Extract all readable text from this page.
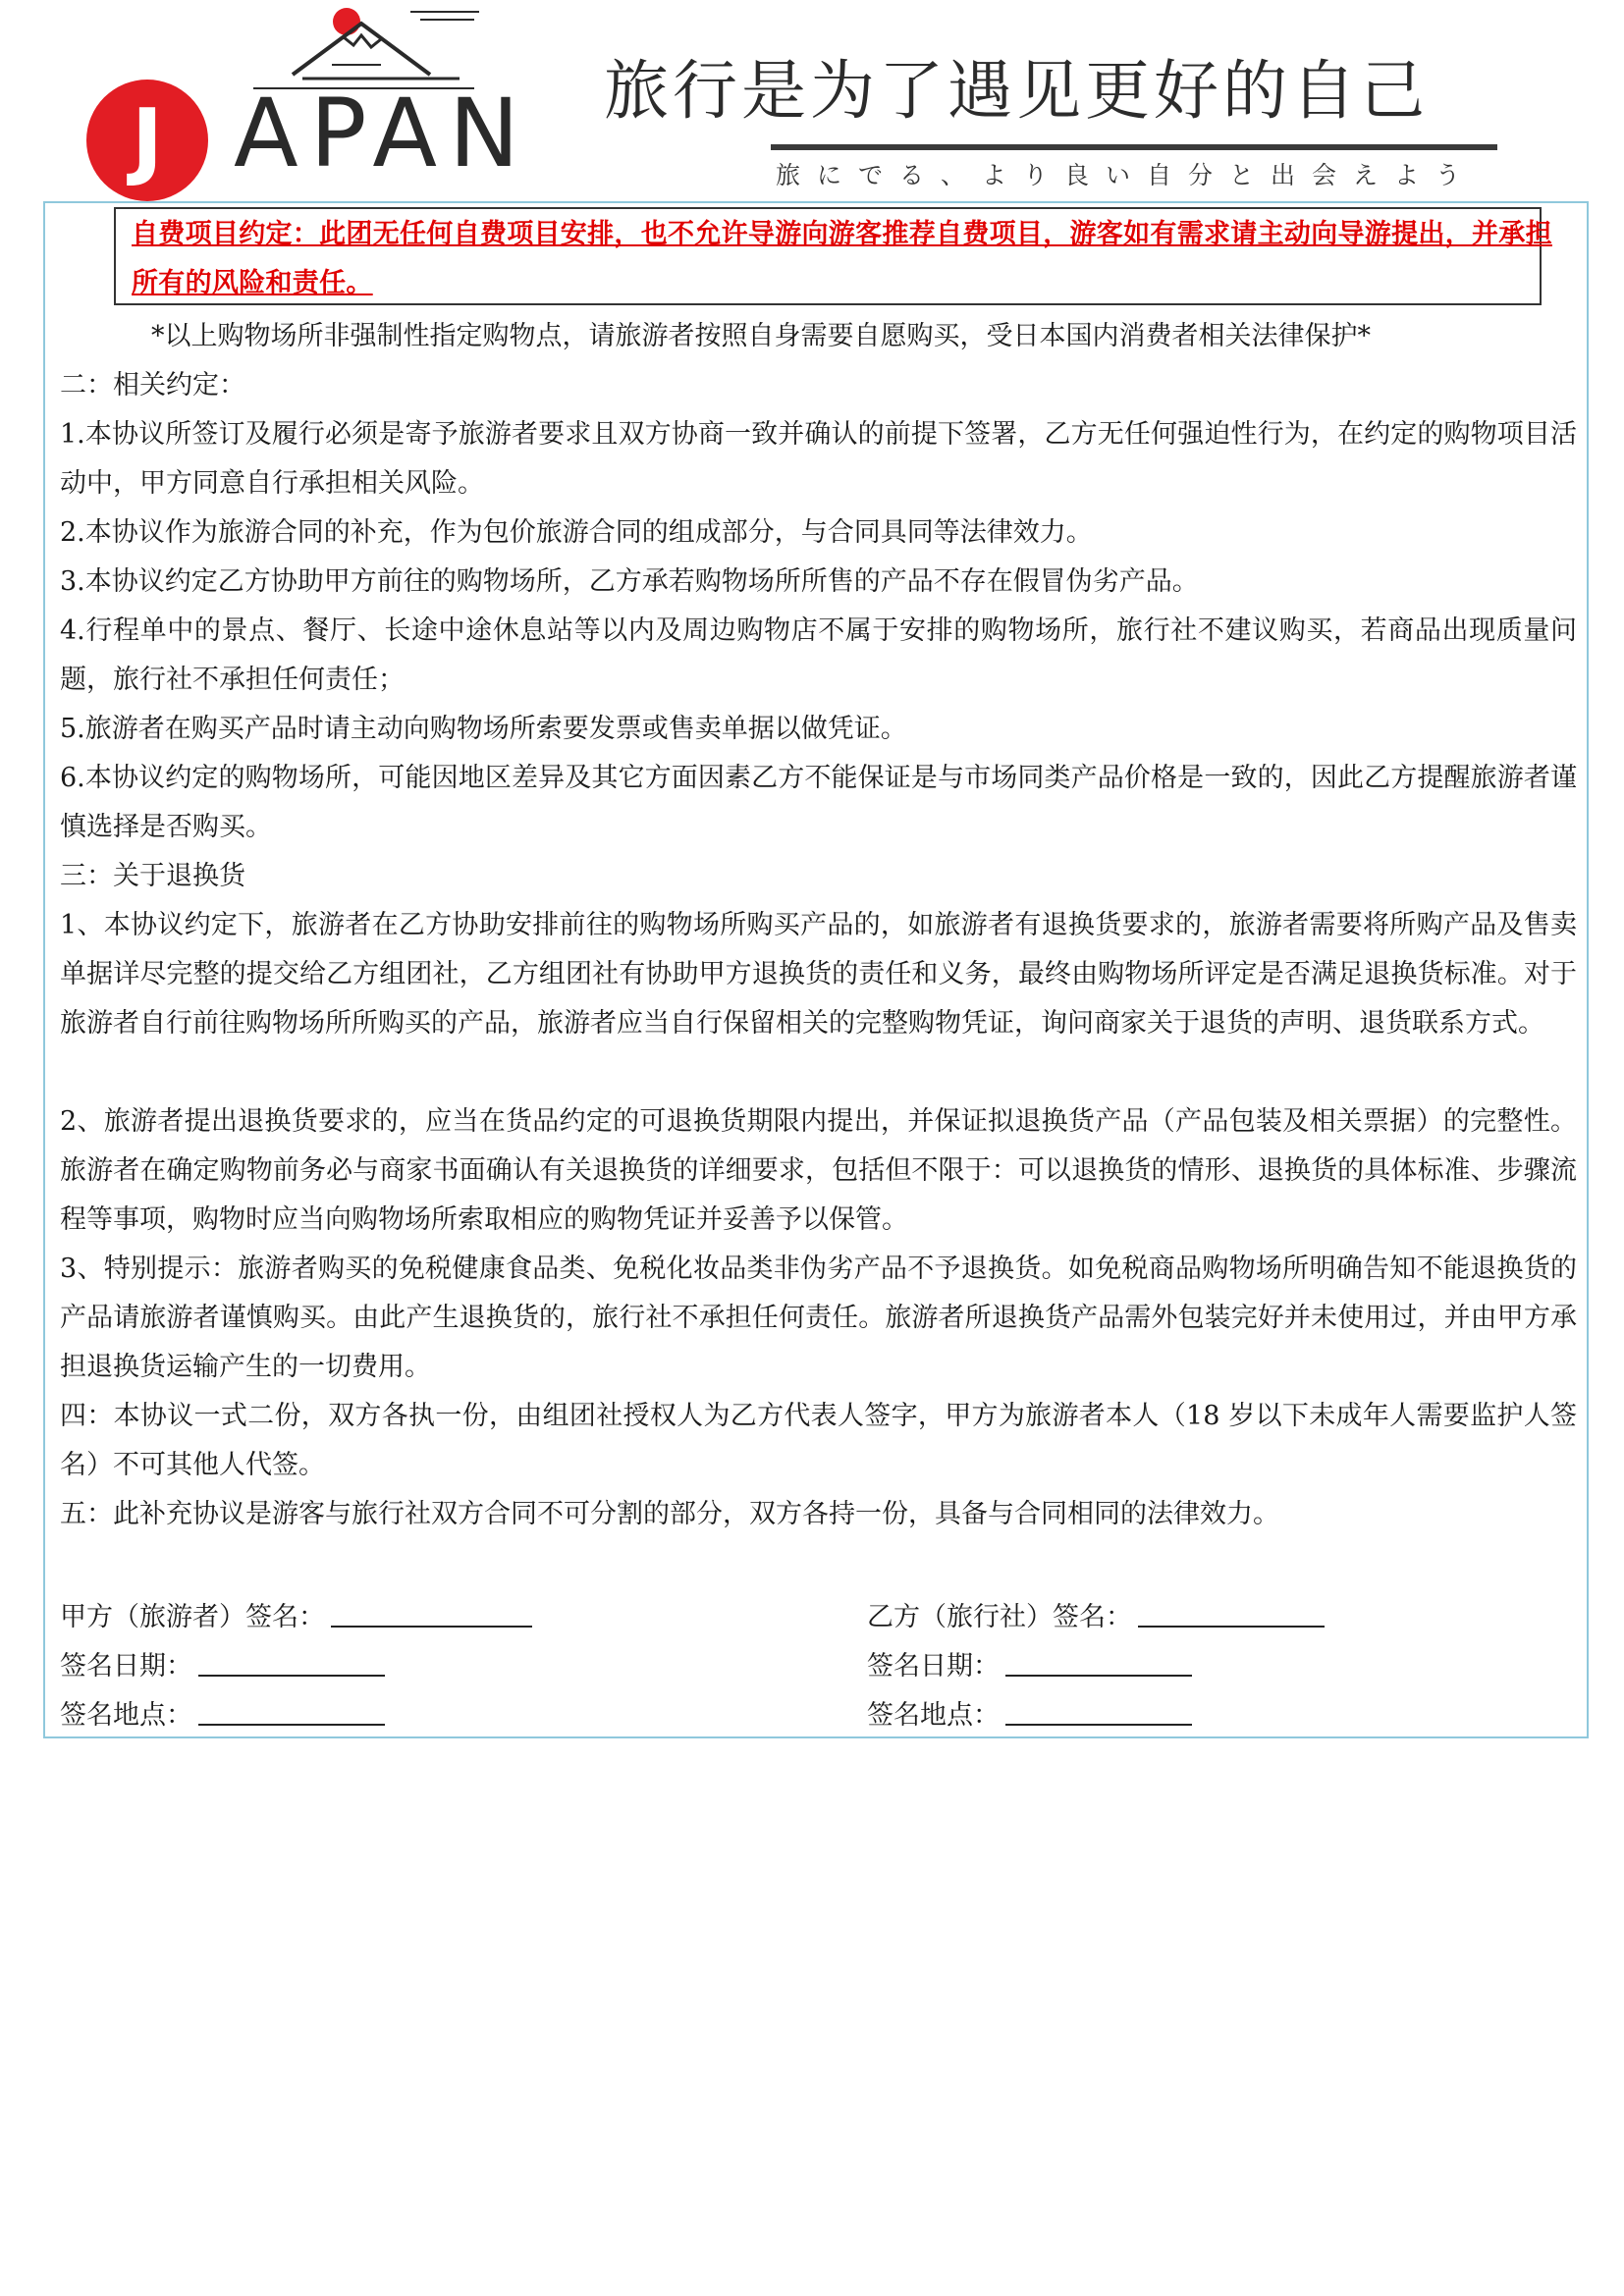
J APAN 旅行是为了遇见更好的自己
旅にでる、より良い自分と出会えよう
自费项目约定：此团无任何自费项目安排，也不允许导游向游客推荐自费项目，游客如有需求请主动向导游提出，并承担所有的风险和责任。
*以上购物场所非强制性指定购物点，请旅游者按照自身需要自愿购买，受日本国内消费者相关法律保护*
二：相关约定：
1.本协议所签订及履行必须是寄予旅游者要求且双方协商一致并确认的前提下签署，乙方无任何强迫性行为，在约定的购物项目活动中，甲方同意自行承担相关风险。
2.本协议作为旅游合同的补充，作为包价旅游合同的组成部分，与合同具同等法律效力。
3.本协议约定乙方协助甲方前往的购物场所，乙方承若购物场所所售的产品不存在假冒伪劣产品。
4.行程单中的景点、餐厅、长途中途休息站等以内及周边购物店不属于安排的购物场所，旅行社不建议购买，若商品出现质量问题，旅行社不承担任何责任；
5.旅游者在购买产品时请主动向购物场所索要发票或售卖单据以做凭证。
6.本协议约定的购物场所，可能因地区差异及其它方面因素乙方不能保证是与市场同类产品价格是一致的，因此乙方提醒旅游者谨慎选择是否购买。
三：关于退换货
1、本协议约定下，旅游者在乙方协助安排前往的购物场所购买产品的，如旅游者有退换货要求的，旅游者需要将所购产品及售卖单据详尽完整的提交给乙方组团社，乙方组团社有协助甲方退换货的责任和义务，最终由购物场所评定是否满足退换货标准。对于旅游者自行前往购物场所所购买的产品，旅游者应当自行保留相关的完整购物凭证，询问商家关于退货的声明、退货联系方式。
2、旅游者提出退换货要求的，应当在货品约定的可退换货期限内提出，并保证拟退换货产品（产品包装及相关票据）的完整性。旅游者在确定购物前务必与商家书面确认有关退换货的详细要求，包括但不限于：可以退换货的情形、退换货的具体标准、步骤流程等事项，购物时应当向购物场所索取相应的购物凭证并妥善予以保管。
3、特别提示：旅游者购买的免税健康食品类、免税化妆品类非伪劣产品不予退换货。如免税商品购物场所明确告知不能退换货的产品请旅游者谨慎购买。由此产生退换货的，旅行社不承担任何责任。旅游者所退换货产品需外包装完好并未使用过，并由甲方承担退换货运输产生的一切费用。
四：本协议一式二份，双方各执一份，由组团社授权人为乙方代表人签字，甲方为旅游者本人（18 岁以下未成年人需要监护人签名）不可其他人代签。
五：此补充协议是游客与旅行社双方合同不可分割的部分，双方各持一份，具备与合同相同的法律效力。
甲方（旅游者）签名：
签名日期：
签名地点：
乙方（旅行社）签名：
签名日期：
签名地点：
